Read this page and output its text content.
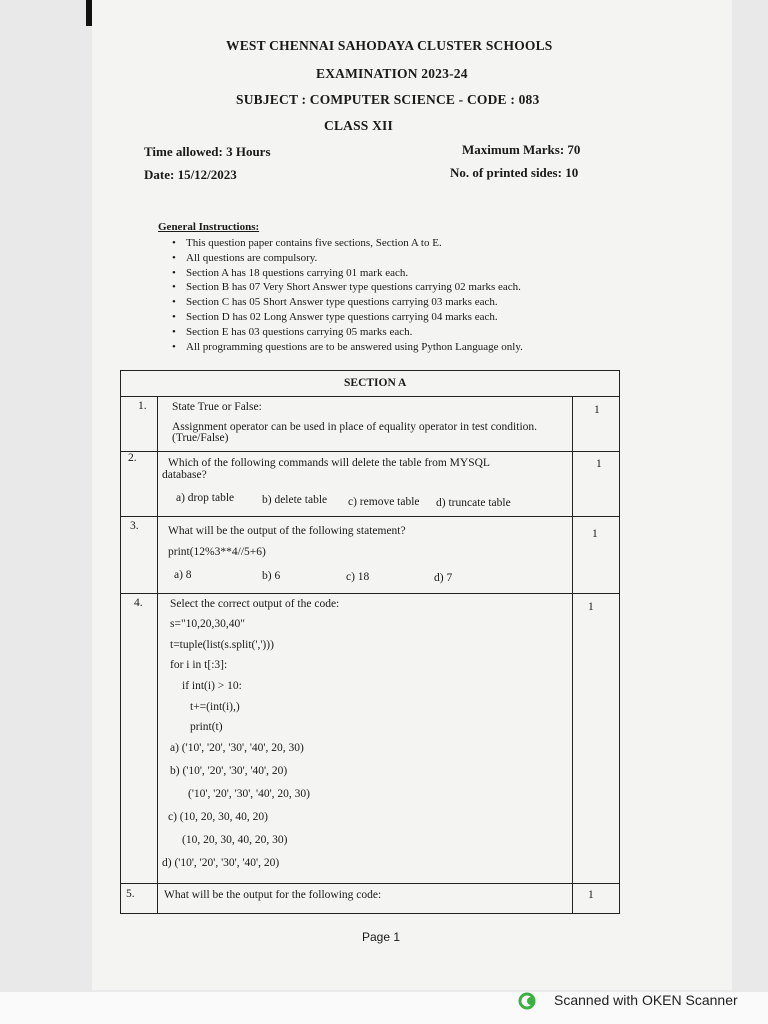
WEST CHENNAI SAHODAYA CLUSTER SCHOOLS
EXAMINATION 2023-24
SUBJECT : COMPUTER SCIENCE - CODE : 083
CLASS XII
Time allowed: 3 Hours	Maximum Marks: 70
Date: 15/12/2023	No. of printed sides: 10
General Instructions:
• This question paper contains five sections, Section A to E.
• All questions are compulsory.
• Section A has 18 questions carrying 01 mark each.
• Section B has 07 Very Short Answer type questions carrying 02 marks each.
• Section C has 05 Short Answer type questions carrying 03 marks each.
• Section D has 02 Long Answer type questions carrying 04 marks each.
• Section E has 03 questions carrying 05 marks each.
• All programming questions are to be answered using Python Language only.
SECTION A
1. State True or False:
Assignment operator can be used in place of equality operator in test condition.
(True/False)
1
2.	Which of the following commands will delete the table from MYSQL
database?
a) drop table b) delete table c) remove table d) truncate table
1
3.	What will be the output of the following statement?
print(12%3**4//5+6)
a) 8	b) 6	c) 18	d) 7
1
4. Select the correct output of the code:
s="10,20,30,40"
t=tuple(list(s.split(',')))
for i in t[:3]:
if int(i) > 10:
t+=(int(i),)
print(t)
a) ('10', '20', '30', '40', 20, 30)
b) ('10', '20', '30', '40', 20)
('10', '20', '30', '40', 20, 30)
c) (10, 20, 30, 40, 20)
(10, 20, 30, 40, 20, 30)
d) ('10', '20', '30', '40', 20)
1
5.	What will be the output for the following code:	1
Page 1
Scanned with OKEN Scanner
